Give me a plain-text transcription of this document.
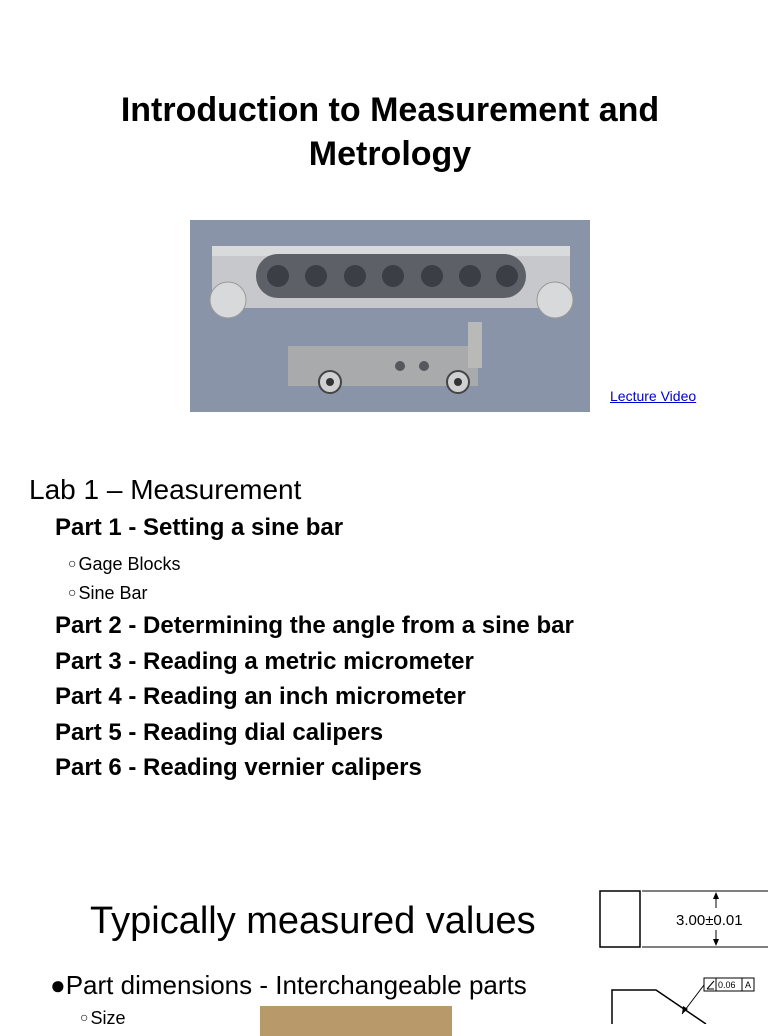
Introduction to Measurement and Metrology
Lecture Video
Lab 1 – Measurement
Part 1 - Setting a sine bar
○ Gage Blocks
○ Sine Bar
Part 2 - Determining the angle from a sine bar
Part 3 - Reading a metric micrometer
Part 4 - Reading an inch micrometer
Part 5 - Reading dial calipers
Part 6 - Reading vernier calipers
Typically measured values
●Part dimensions - Interchangeable parts
○ Size
3.00±0.01
0.06 A
